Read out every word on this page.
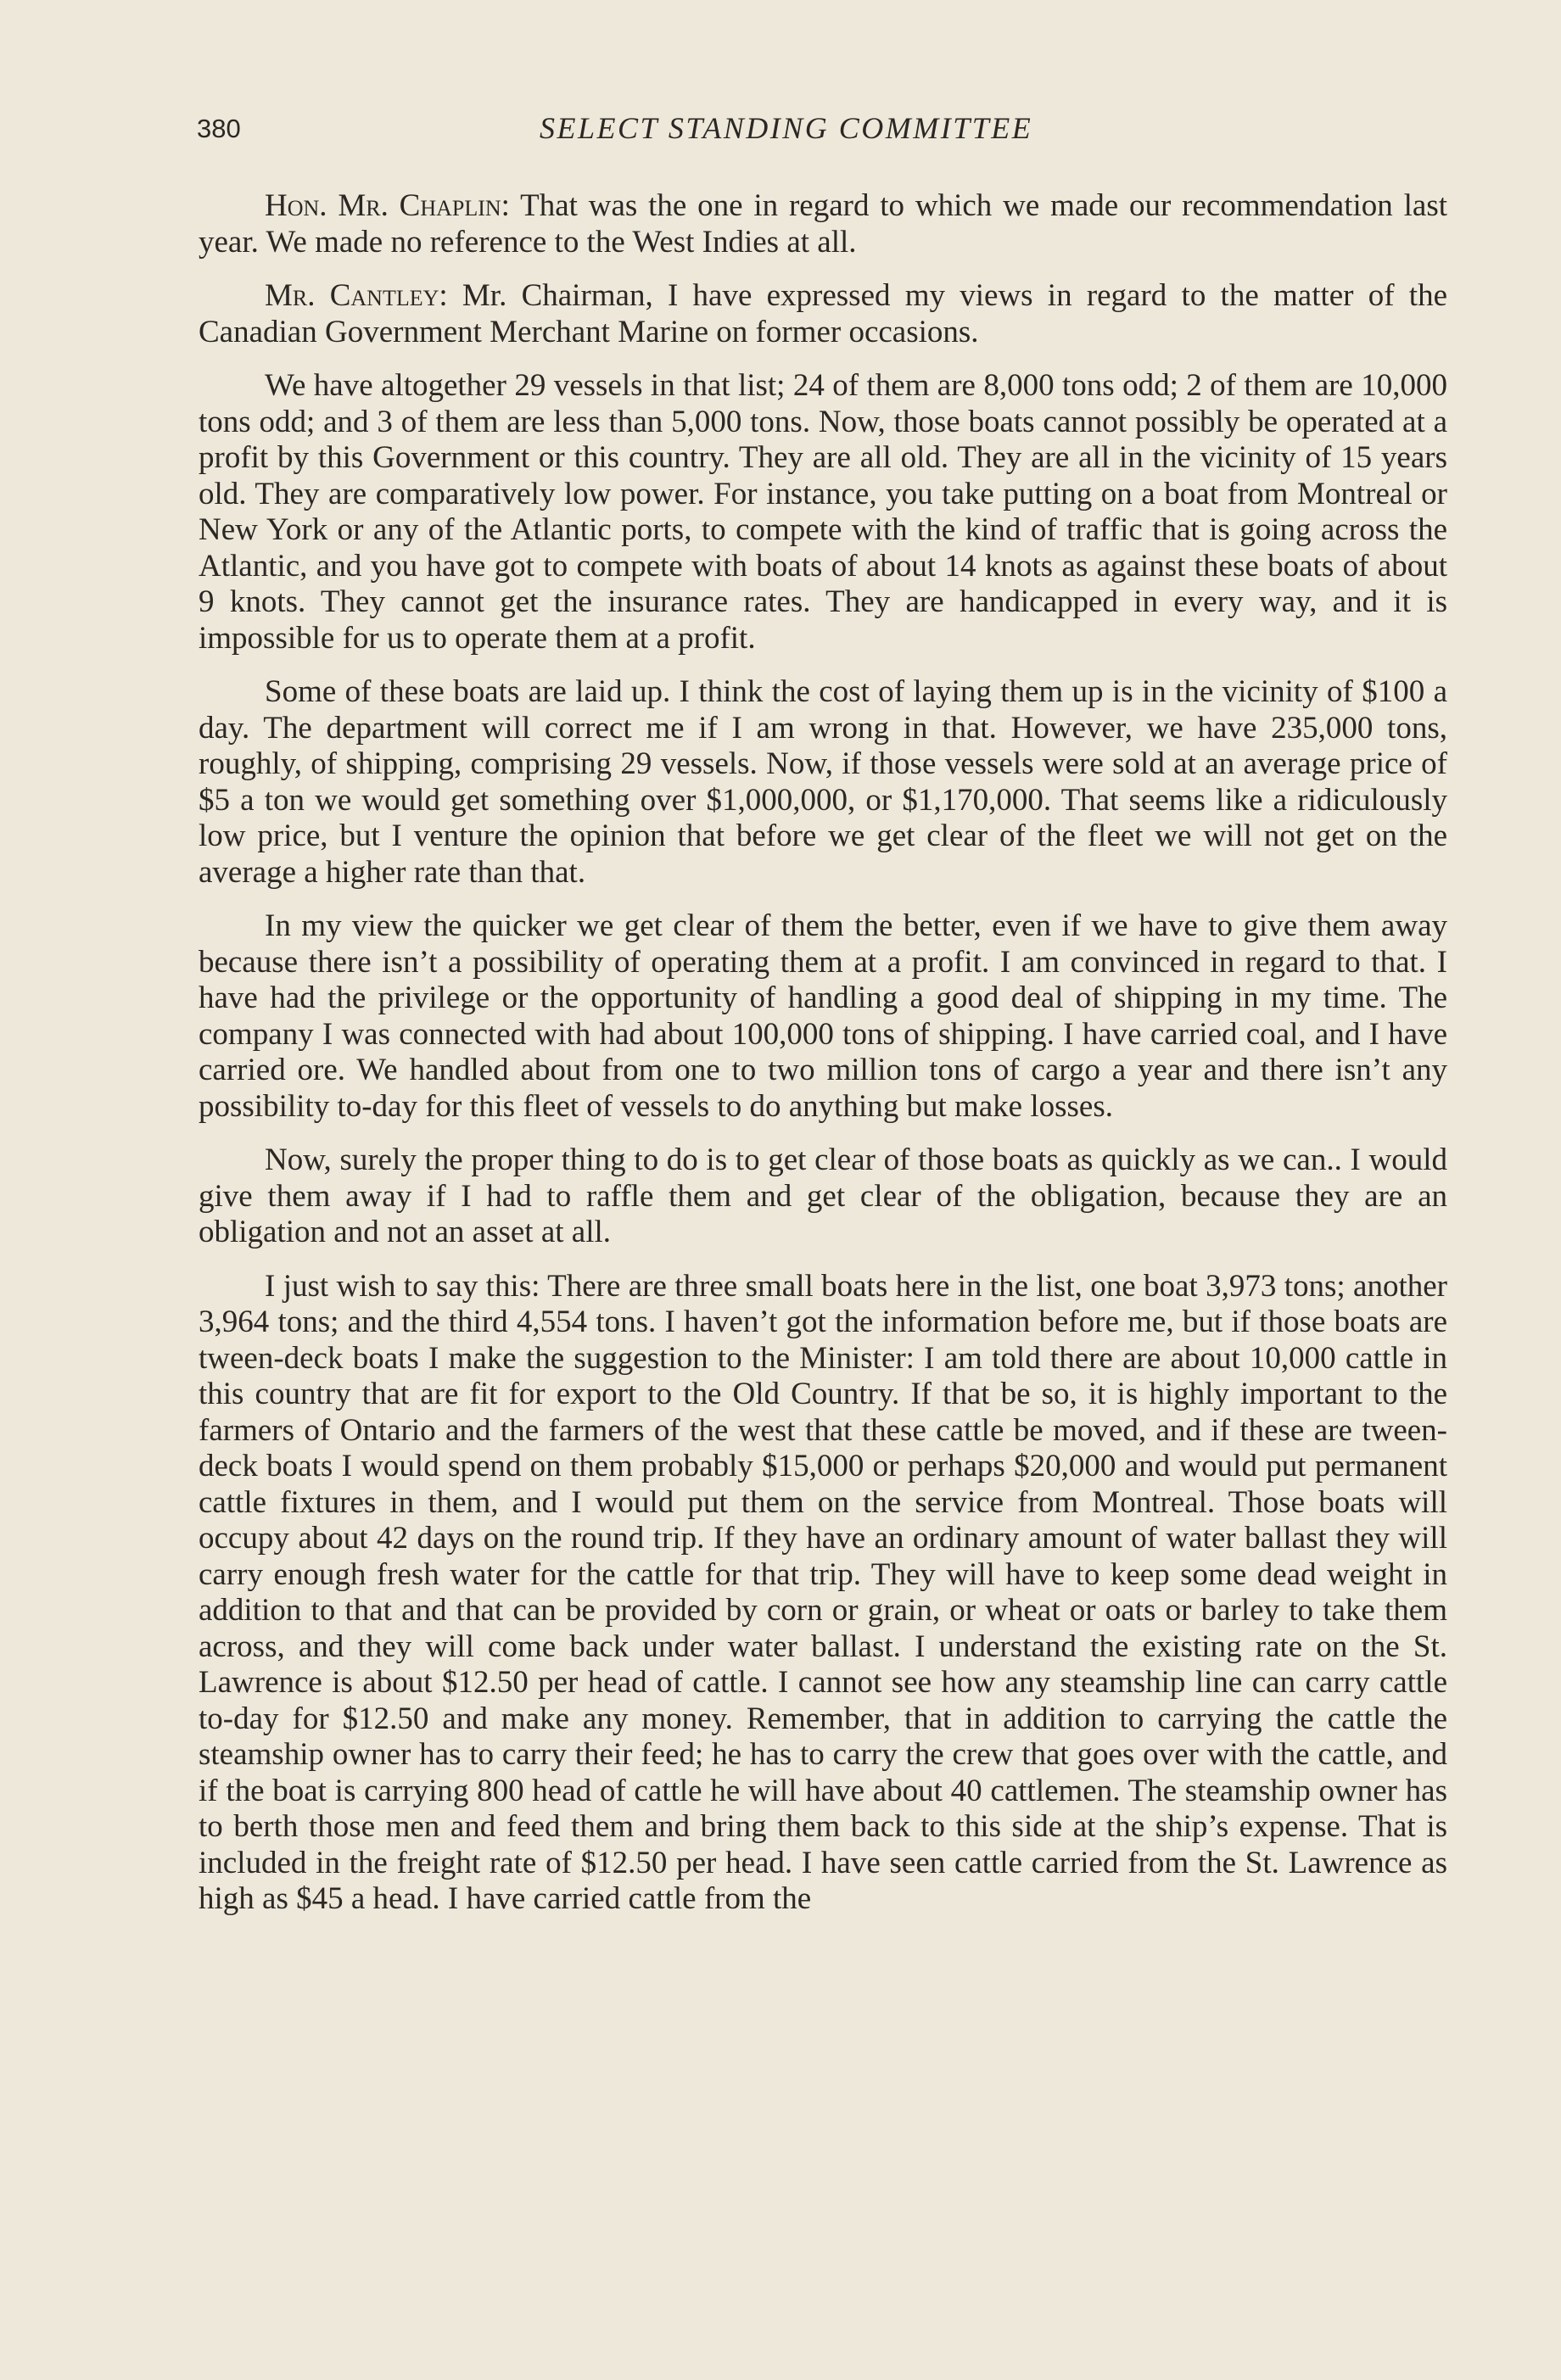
380	SELECT STANDING COMMITTEE

Hon. Mr. Chaplin: That was the one in regard to which we made our recommendation last year. We made no reference to the West Indies at all.

Mr. Cantley: Mr. Chairman, I have expressed my views in regard to the matter of the Canadian Government Merchant Marine on former occasions.

We have altogether 29 vessels in that list; 24 of them are 8,000 tons odd; 2 of them are 10,000 tons odd; and 3 of them are less than 5,000 tons. Now, those boats cannot possibly be operated at a profit by this Government or this country. They are all old. They are all in the vicinity of 15 years old. They are comparatively low power. For instance, you take putting on a boat from Montreal or New York or any of the Atlantic ports, to compete with the kind of traffic that is going across the Atlantic, and you have got to compete with boats of about 14 knots as against these boats of about 9 knots. They cannot get the insurance rates. They are handicapped in every way, and it is impossible for us to operate them at a profit.

Some of these boats are laid up. I think the cost of laying them up is in the vicinity of $100 a day. The department will correct me if I am wrong in that. However, we have 235,000 tons, roughly, of shipping, comprising 29 vessels. Now, if those vessels were sold at an average price of $5 a ton we would get something over $1,000,000, or $1,170,000. That seems like a ridiculously low price, but I venture the opinion that before we get clear of the fleet we will not get on the average a higher rate than that.

In my view the quicker we get clear of them the better, even if we have to give them away because there isn’t a possibility of operating them at a profit. I am convinced in regard to that. I have had the privilege or the opportunity of handling a good deal of shipping in my time. The company I was connected with had about 100,000 tons of shipping. I have carried coal, and I have carried ore. We handled about from one to two million tons of cargo a year and there isn’t any possibility to-day for this fleet of vessels to do anything but make losses.

Now, surely the proper thing to do is to get clear of those boats as quickly as we can.. I would give them away if I had to raffle them and get clear of the obligation, because they are an obligation and not an asset at all.

I just wish to say this: There are three small boats here in the list, one boat 3,973 tons; another 3,964 tons; and the third 4,554 tons. I haven’t got the information before me, but if those boats are tween-deck boats I make the suggestion to the Minister: I am told there are about 10,000 cattle in this country that are fit for export to the Old Country. If that be so, it is highly important to the farmers of Ontario and the farmers of the west that these cattle be moved, and if these are tween-deck boats I would spend on them probably $15,000 or perhaps $20,000 and would put permanent cattle fixtures in them, and I would put them on the service from Montreal. Those boats will occupy about 42 days on the round trip. If they have an ordinary amount of water ballast they will carry enough fresh water for the cattle for that trip. They will have to keep some dead weight in addition to that and that can be provided by corn or grain, or wheat or oats or barley to take them across, and they will come back under water ballast. I understand the existing rate on the St. Lawrence is about $12.50 per head of cattle. I cannot see how any steamship line can carry cattle to-day for $12.50 and make any money. Remember, that in addition to carrying the cattle the steamship owner has to carry their feed; he has to carry the crew that goes over with the cattle, and if the boat is carrying 800 head of cattle he will have about 40 cattlemen. The steamship owner has to berth those men and feed them and bring them back to this side at the ship’s expense. That is included in the freight rate of $12.50 per head. I have seen cattle carried from the St. Lawrence as high as $45 a head. I have carried cattle from the
